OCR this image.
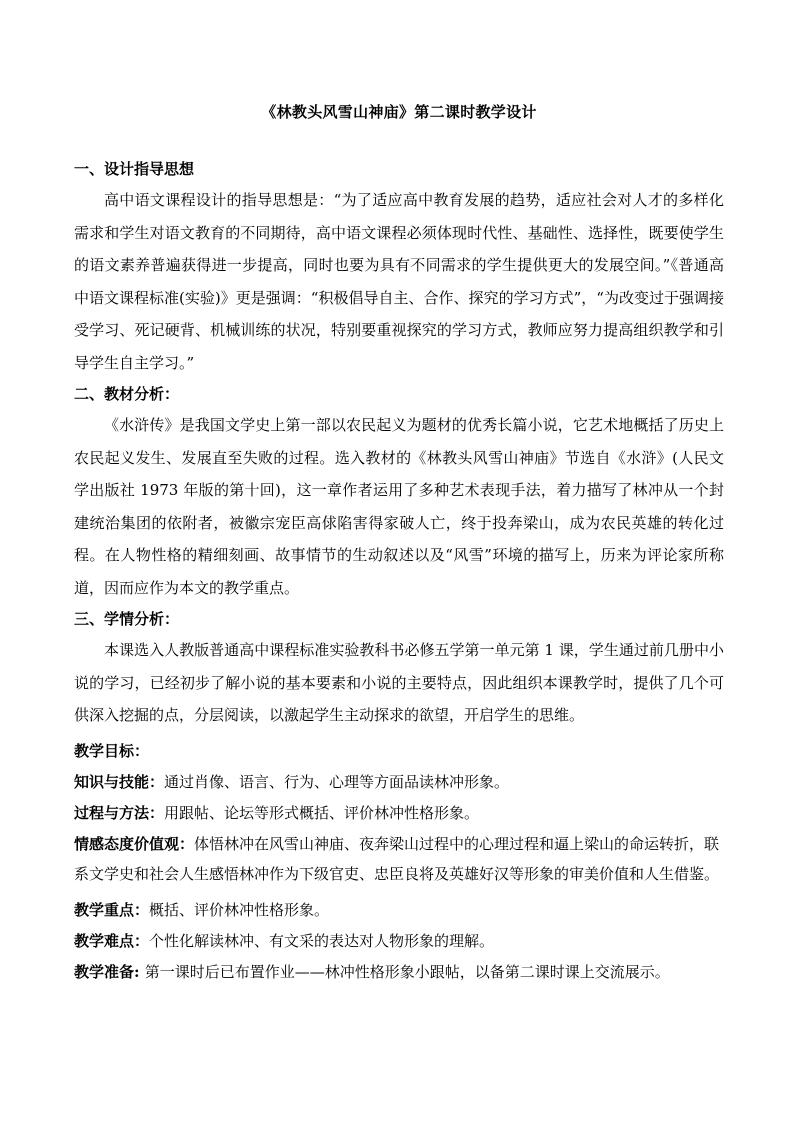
《林教头风雪山神庙》第二课时教学设计
一、设计指导思想

高中语文课程设计的指导思想是：“为了适应高中教育发展的趋势，适应社会对人才的多样化需求和学生对语文教育的不同期待，高中语文课程必须体现时代性、基础性、选择性，既要使学生的语文素养普遍获得进一步提高，同时也要为具有不同需求的学生提供更大的发展空间。”《普通高中语文课程标准(实验)》更是强调：“积极倡导自主、合作、探究的学习方式”，“为改变过于强调接受学习、死记硬背、机械训练的状况，特别要重视探究的学习方式，教师应努力提高组织教学和引导学生自主学习。”

二、教材分析：

《水浒传》是我国文学史上第一部以农民起义为题材的优秀长篇小说，它艺术地概括了历史上农民起义发生、发展直至失败的过程。选入教材的《林教头风雪山神庙》节选自《水浒》(人民文学出版社 1973 年版的第十回)，这一章作者运用了多种艺术表现手法，着力描写了林冲从一个封建统治集团的依附者，被徽宗宠臣高俅陷害得家破人亡，终于投奔梁山，成为农民英雄的转化过程。在人物性格的精细刻画、故事情节的生动叙述以及“风雪”环境的描写上，历来为评论家所称道，因而应作为本文的教学重点。

三、学情分析：

本课选入人教版普通高中课程标准实验教科书必修五学第一单元第 1 课，学生通过前几册中小说的学习，已经初步了解小说的基本要素和小说的主要特点，因此组织本课教学时，提供了几个可供深入挖掘的点，分层阅读，以激起学生主动探求的欲望，开启学生的思维。

教学目标：
知识与技能：通过肖像、语言、行为、心理等方面品读林冲形象。
过程与方法：用跟帖、论坛等形式概括、评价林冲性格形象。
情感态度价值观：体悟林冲在风雪山神庙、夜奔梁山过程中的心理过程和逼上梁山的命运转折，联系文学史和社会人生感悟林冲作为下级官吏、忠臣良将及英雄好汉等形象的审美价值和人生借鉴。
教学重点：概括、评价林冲性格形象。
教学难点：个性化解读林冲、有文采的表达对人物形象的理解。
教学准备: 第一课时后已布置作业——林冲性格形象小跟帖，以备第二课时课上交流展示。
